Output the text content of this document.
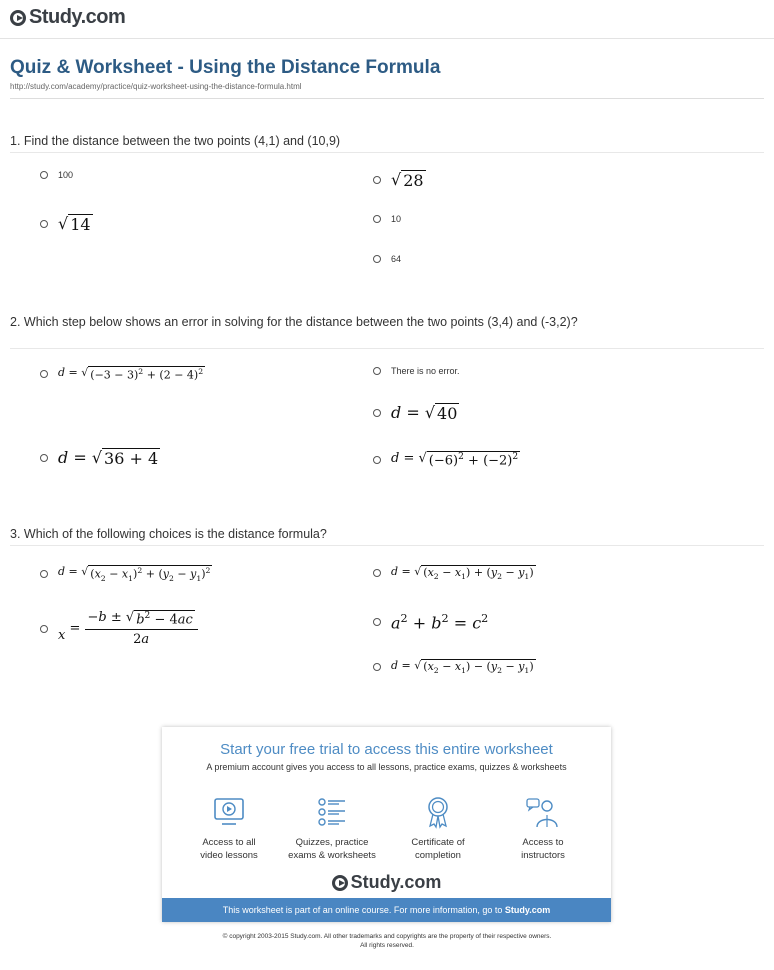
Study.com
Quiz & Worksheet - Using the Distance Formula
http://study.com/academy/practice/quiz-worksheet-using-the-distance-formula.html
1. Find the distance between the two points (4,1) and (10,9)
100	√ 28
√ 14	10
64
2. Which step below shows an error in solving for the distance between the two points (3,4) and (-3,2)?
d = √ $(-3 - 3)^2 + (2 - 4)^2$	There is no error.
d = √ 40
d = √ 36 + 4	d = √ $(-6)^2 + (-2)^2$
3. Which of the following choices is the distance formula?
d = √ $(x_2 - x_1)^2 + (y_2 - y_1)^2$	d = √ $(x_2 - x_1) + (y_2 - y_1)$
$x = \frac{-b \pm √ b^2 - 4ac}{2a}$	$a^2 + b^2 = c^2$
d = √ $(x_2 - x_1) - (y_2 - y_1)$
Start your free trial to access this entire worksheet
A premium account gives you access to all lessons, practice exams, quizzes & worksheets
Access to all
video lessons
Quizzes, practice
exams & worksheets
Certificate of
completion
Access to
instructors
Study.com
This worksheet is part of an online course. For more information, go to Study.com
© copyright 2003-2015 Study.com. All other trademarks and copyrights are the property of their respective owners.
All rights reserved.
